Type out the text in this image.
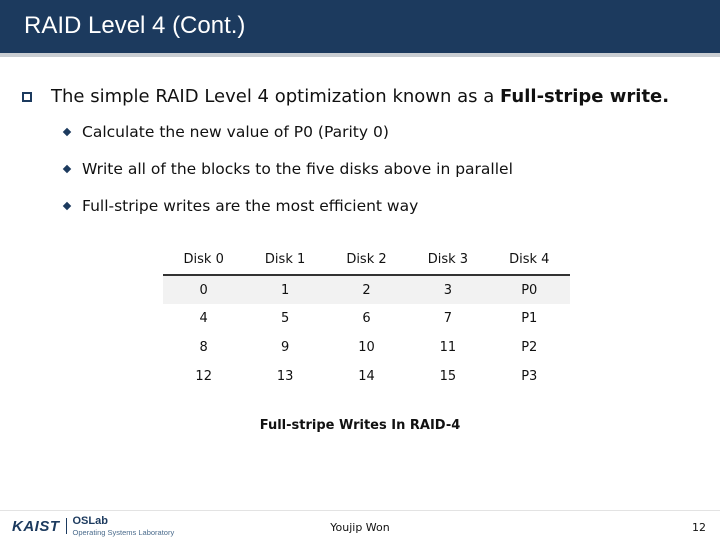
RAID Level 4 (Cont.)
The simple RAID Level 4 optimization known as a
Full-stripe write.
Calculate the new value of P0 (Parity 0)
Write all of the blocks to the five disks above in parallel
Full-stripe writes are the most efficient way
Disk 0	Disk 1	Disk 2	Disk 3	Disk 4
0	1	2	3	P0
4	5	6	7	P1
8	9	10	11	P2
12	13	14	15	P3
Full-stripe Writes In RAID-4
KAIST OSLab
Operating Systems Laboratory	Youjip Won	12
